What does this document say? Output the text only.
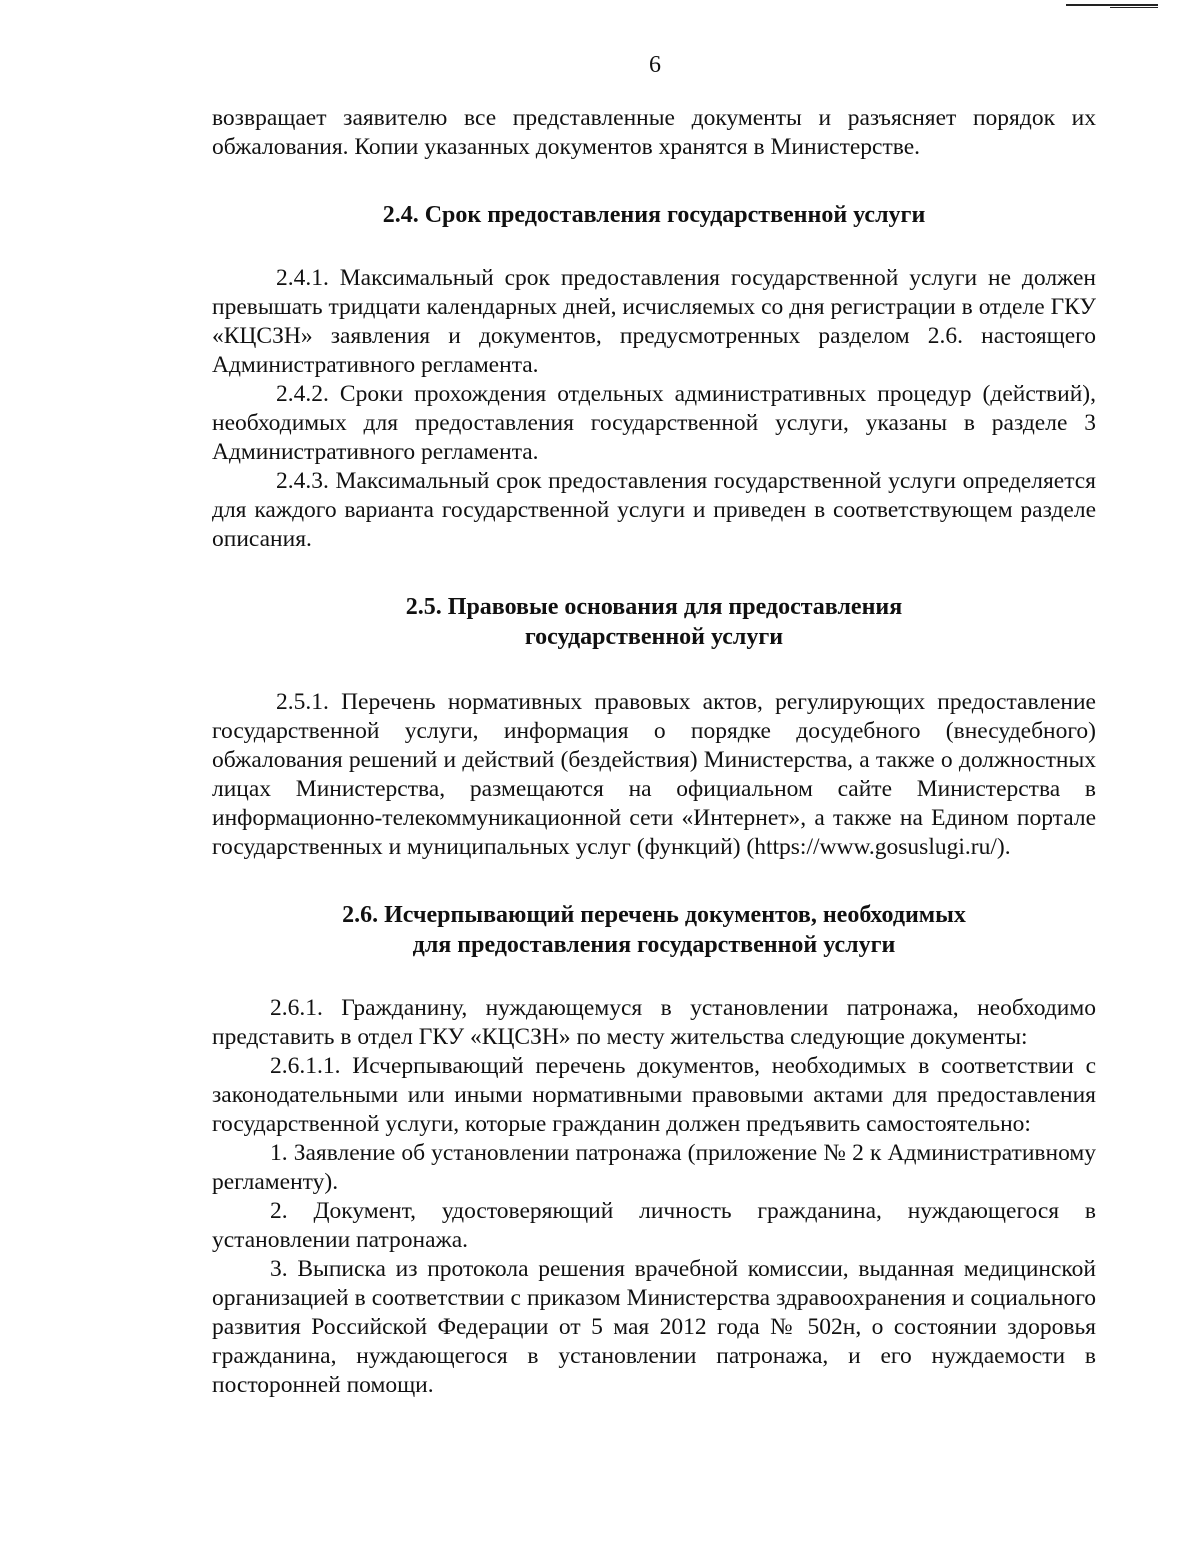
6

возвращает заявителю все представленные документы и разъясняет порядок их обжалования. Копии указанных документов хранятся в Министерстве.

2.4. Срок предоставления государственной услуги

2.4.1. Максимальный срок предоставления государственной услуги не должен превышать тридцати календарных дней, исчисляемых со дня регистрации в отделе ГКУ «КЦСЗН» заявления и документов, предусмотренных разделом 2.6. настоящего Административного регламента.

2.4.2. Сроки прохождения отдельных административных процедур (действий), необходимых для предоставления государственной услуги, указаны в разделе 3 Административного регламента.

2.4.3. Максимальный срок предоставления государственной услуги определяется для каждого варианта государственной услуги и приведен в соответствующем разделе описания.

2.5. Правовые основания для предоставления
государственной услуги

2.5.1. Перечень нормативных правовых актов, регулирующих предоставление государственной услуги, информация о порядке досудебного (внесудебного) обжалования решений и действий (бездействия) Министерства, а также о должностных лицах Министерства, размещаются на официальном сайте Министерства в информационно-телекоммуникационной сети «Интернет», а также на Едином портале государственных и муниципальных услуг (функций) (https://www.gosuslugi.ru/).

2.6. Исчерпывающий перечень документов, необходимых
для предоставления государственной услуги

2.6.1. Гражданину, нуждающемуся в установлении патронажа, необходимо представить в отдел ГКУ «КЦСЗН» по месту жительства следующие документы:

2.6.1.1. Исчерпывающий перечень документов, необходимых в соответствии с законодательными или иными нормативными правовыми актами для предоставления государственной услуги, которые гражданин должен предъявить самостоятельно:

1. Заявление об установлении патронажа (приложение № 2 к Административному регламенту).

2. Документ, удостоверяющий личность гражданина, нуждающегося в установлении патронажа.

3. Выписка из протокола решения врачебной комиссии, выданная медицинской организацией в соответствии с приказом Министерства здравоохранения и социального развития Российской Федерации от 5 мая 2012 года № 502н, о состоянии здоровья гражданина, нуждающегося в установлении патронажа, и его нуждаемости в посторонней помощи.
